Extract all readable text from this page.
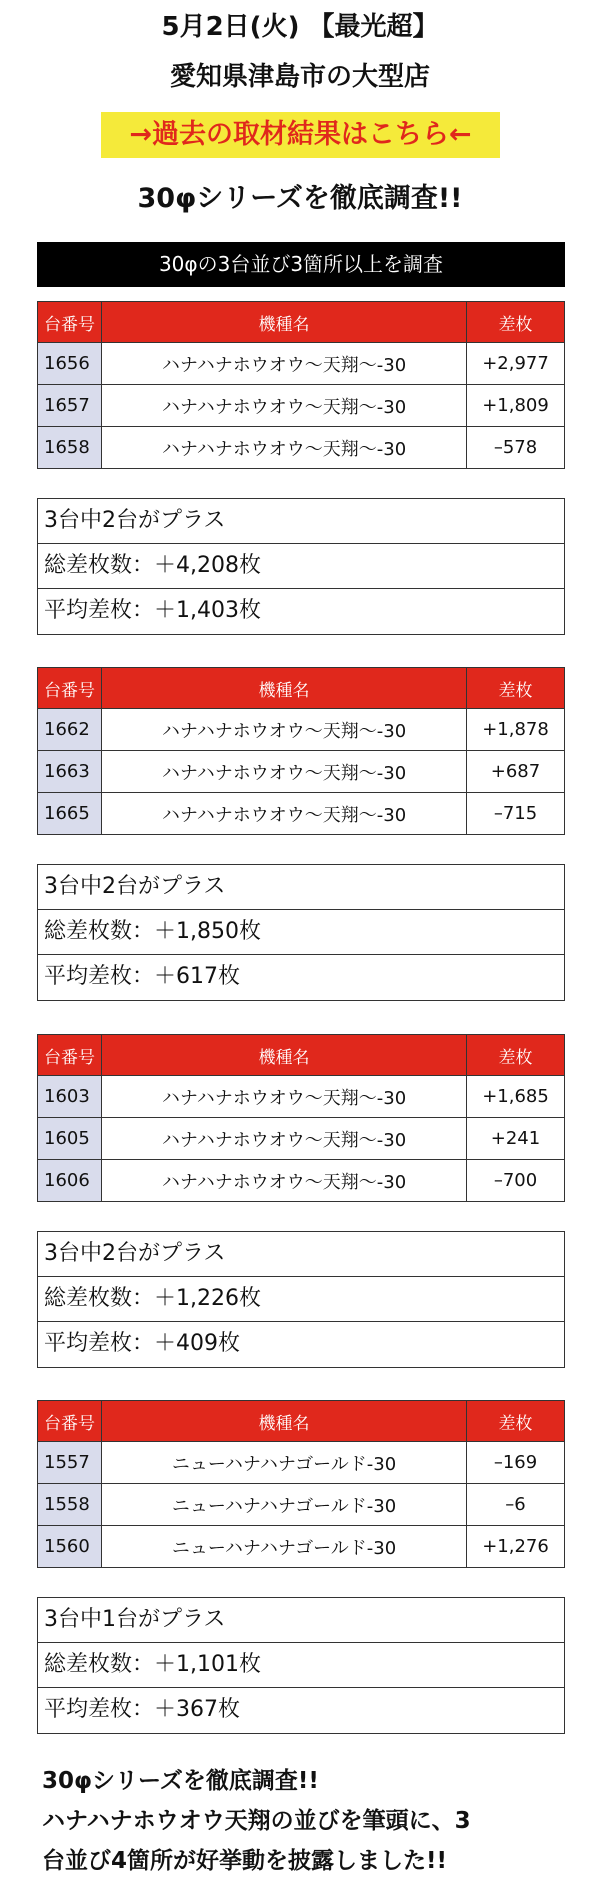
5月2日(火) 【最光超】
愛知県津島市の大型店
→過去の取材結果はこちら←
30φシリーズを徹底調査!!
30φの3台並び3箇所以上を調査
台番号	機種名	差枚
1656	ハナハナホウオウ〜天翔〜-30	+2,977
1657	ハナハナホウオウ〜天翔〜-30	+1,809
1658	ハナハナホウオウ〜天翔〜-30	–578
3台中2台がプラス
総差枚数：＋4,208枚
平均差枚：＋1,403枚
台番号	機種名	差枚
1662	ハナハナホウオウ〜天翔〜-30	+1,878
1663	ハナハナホウオウ〜天翔〜-30	+687
1665	ハナハナホウオウ〜天翔〜-30	–715
3台中2台がプラス
総差枚数：＋1,850枚
平均差枚：＋617枚
台番号	機種名	差枚
1603	ハナハナホウオウ〜天翔〜-30	+1,685
1605	ハナハナホウオウ〜天翔〜-30	+241
1606	ハナハナホウオウ〜天翔〜-30	–700
3台中2台がプラス
総差枚数：＋1,226枚
平均差枚：＋409枚
台番号	機種名	差枚
1557	ニューハナハナゴールド-30	–169
1558	ニューハナハナゴールド-30	–6
1560	ニューハナハナゴールド-30	+1,276
3台中1台がプラス
総差枚数：＋1,101枚
平均差枚：＋367枚
30φシリーズを徹底調査!!
ハナハナホウオウ天翔の並びを筆頭に、3
台並び4箇所が好挙動を披露しました!!
